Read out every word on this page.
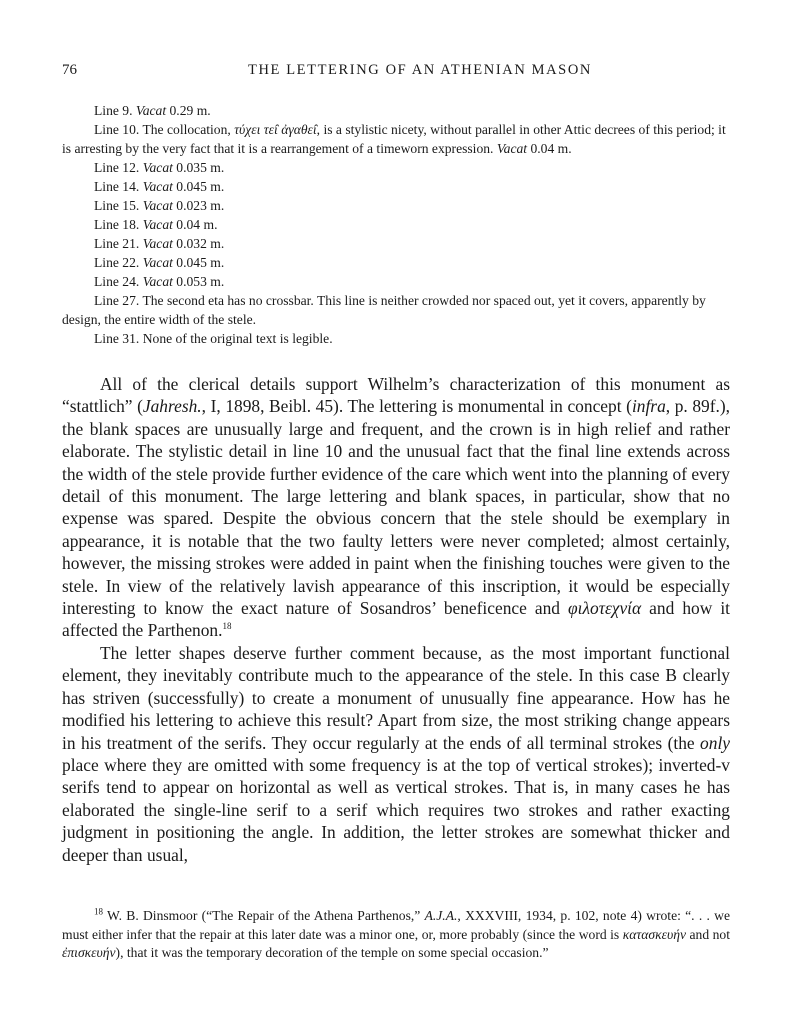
76	THE LETTERING OF AN ATHENIAN MASON

Line 9. Vacat 0.29 m.

Line 10. The collocation, τύχει τε̂ι ἀγαθε̂ι, is a stylistic nicety, without parallel in other Attic decrees of this period; it is arresting by the very fact that it is a rearrangement of a timeworn expression. Vacat 0.04 m.

Line 12. Vacat 0.035 m.

Line 14. Vacat 0.045 m.

Line 15. Vacat 0.023 m.

Line 18. Vacat 0.04 m.

Line 21. Vacat 0.032 m.

Line 22. Vacat 0.045 m.

Line 24. Vacat 0.053 m.

Line 27. The second eta has no crossbar. This line is neither crowded nor spaced out, yet it covers, apparently by design, the entire width of the stele.

Line 31. None of the original text is legible.

All of the clerical details support Wilhelm’s characterization of this monument as “stattlich” (Jahresh., I, 1898, Beibl. 45). The lettering is monumental in concept (infra, p. 89f.), the blank spaces are unusually large and frequent, and the crown is in high relief and rather elaborate. The stylistic detail in line 10 and the unusual fact that the final line extends across the width of the stele provide further evidence of the care which went into the planning of every detail of this monument. The large lettering and blank spaces, in particular, show that no expense was spared. Despite the obvious concern that the stele should be exemplary in appearance, it is notable that the two faulty letters were never completed; almost certainly, however, the missing strokes were added in paint when the finishing touches were given to the stele. In view of the relatively lavish appearance of this inscription, it would be especially interesting to know the exact nature of Sosandros’ beneficence and φιλοτεχνία and how it affected the Parthenon.$^{18}$

The letter shapes deserve further comment because, as the most important functional element, they inevitably contribute much to the appearance of the stele. In this case B clearly has striven (successfully) to create a monument of unusually fine appearance. How has he modified his lettering to achieve this result? Apart from size, the most striking change appears in his treatment of the serifs. They occur regularly at the ends of all terminal strokes (the only place where they are omitted with some frequency is at the top of vertical strokes); inverted-v serifs tend to appear on horizontal as well as vertical strokes. That is, in many cases he has elaborated the single-line serif to a serif which requires two strokes and rather exacting judgment in positioning the angle. In addition, the letter strokes are somewhat thicker and deeper than usual,

$^{18}$ W. B. Dinsmoor (“The Repair of the Athena Parthenos,” A.J.A., XXXVIII, 1934, p. 102, note 4) wrote: “. . . we must either infer that the repair at this later date was a minor one, or, more probably (since the word is κατασκευήν and not ἐπισκευήν), that it was the temporary decoration of the temple on some special occasion.”
